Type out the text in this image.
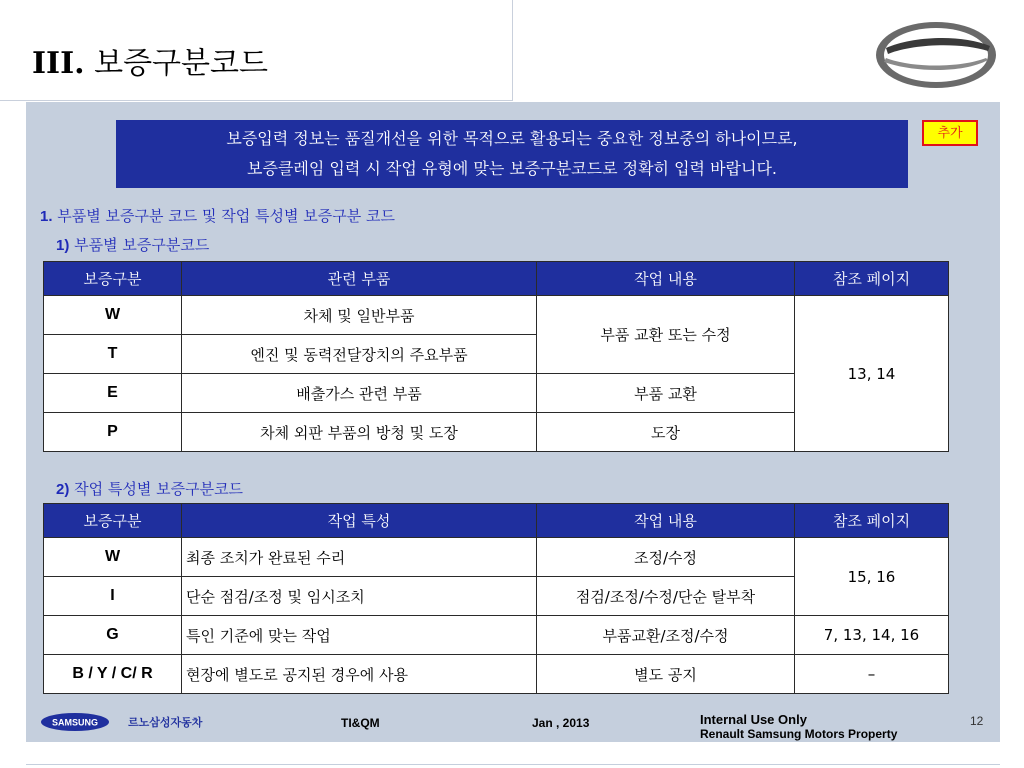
III. 보증구분코드
보증입력 정보는 품질개선을 위한 목적으로 활용되는 중요한 정보중의 하나이므로,
보증클레임 입력 시 작업 유형에 맞는 보증구분코드로 정확히 입력 바랍니다.
추가
1. 부품별 보증구분 코드 및 작업 특성별 보증구분 코드
1) 부품별 보증구분코드
보증구분	관련 부품	작업 내용	참조 페이지
W	차체 및 일반부품	부품 교환 또는 수정	13, 14
T	엔진 및 동력전달장치의 주요부품		
E	배출가스 관련 부품	부품 교환	
P	차체 외판 부품의 방청 및 도장	도장	
2) 작업 특성별 보증구분코드
보증구분	작업 특성	작업 내용	참조 페이지
W	최종 조치가 완료된 수리	조정/수정	15, 16
I	단순 점검/조정 및 임시조치	점검/조정/수정/단순 탈부착	
G	특인 기준에 맞는 작업	부품교환/조정/수정	7, 13, 14, 16
B / Y / C/ R	현장에 별도로 공지된 경우에 사용	별도 공지	–
SAMSUNG	르노삼성자동차	TI&QM	Jan , 2013	Internal Use Only
Renault Samsung Motors Property
12
